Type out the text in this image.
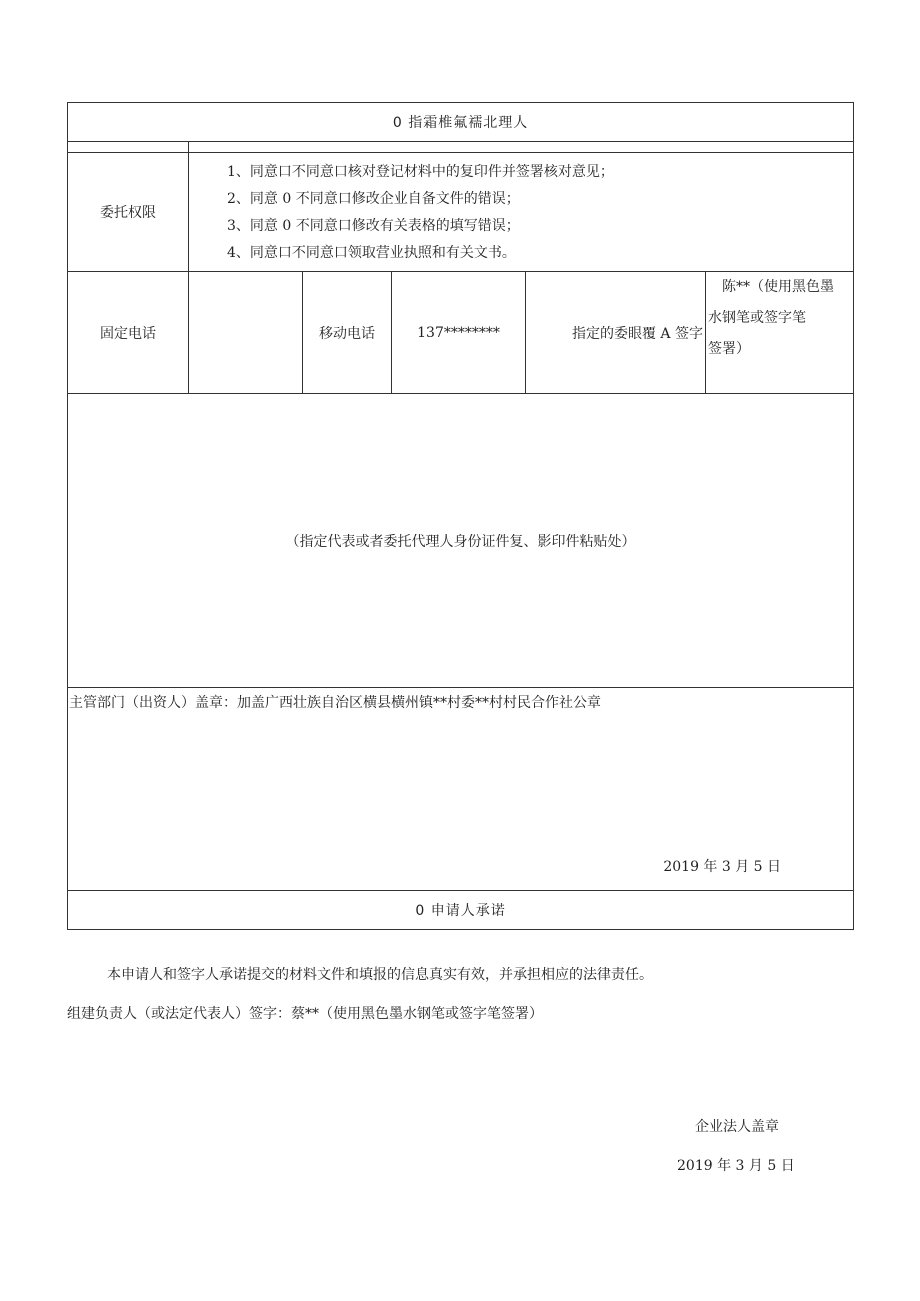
0 指霜椎氟襦北理人					

委托权限	1、同意口不同意口核对登记材料中的复印件并签署核对意见；
2、同意 0 不同意口修改企业自备文件的错误；
3、同意 0 不同意口修改有关表格的填写错误；
4、同意口不同意口领取营业执照和有关文书。				

固定电话		移动电话	137********	指定的委眼覆 A 签字	陈**（使用黑色墨
水钢笔或签字笔
签署）

（指定代表或者委托代理人身份证件复、影印件粘贴处）					

主管部门（出资人）盖章：加盖广西壮族自治区横县横州镇**村委**村村民合作社公章
2019 年 3 月 5 日					

0 申请人承诺					
本申请人和签字人承诺提交的材料文件和填报的信息真实有效，并承担相应的法律责任。
组建负责人（或法定代表人）签字：蔡**（使用黑色墨水钢笔或签字笔签署）
企业法人盖章
2019 年 3 月 5 日
